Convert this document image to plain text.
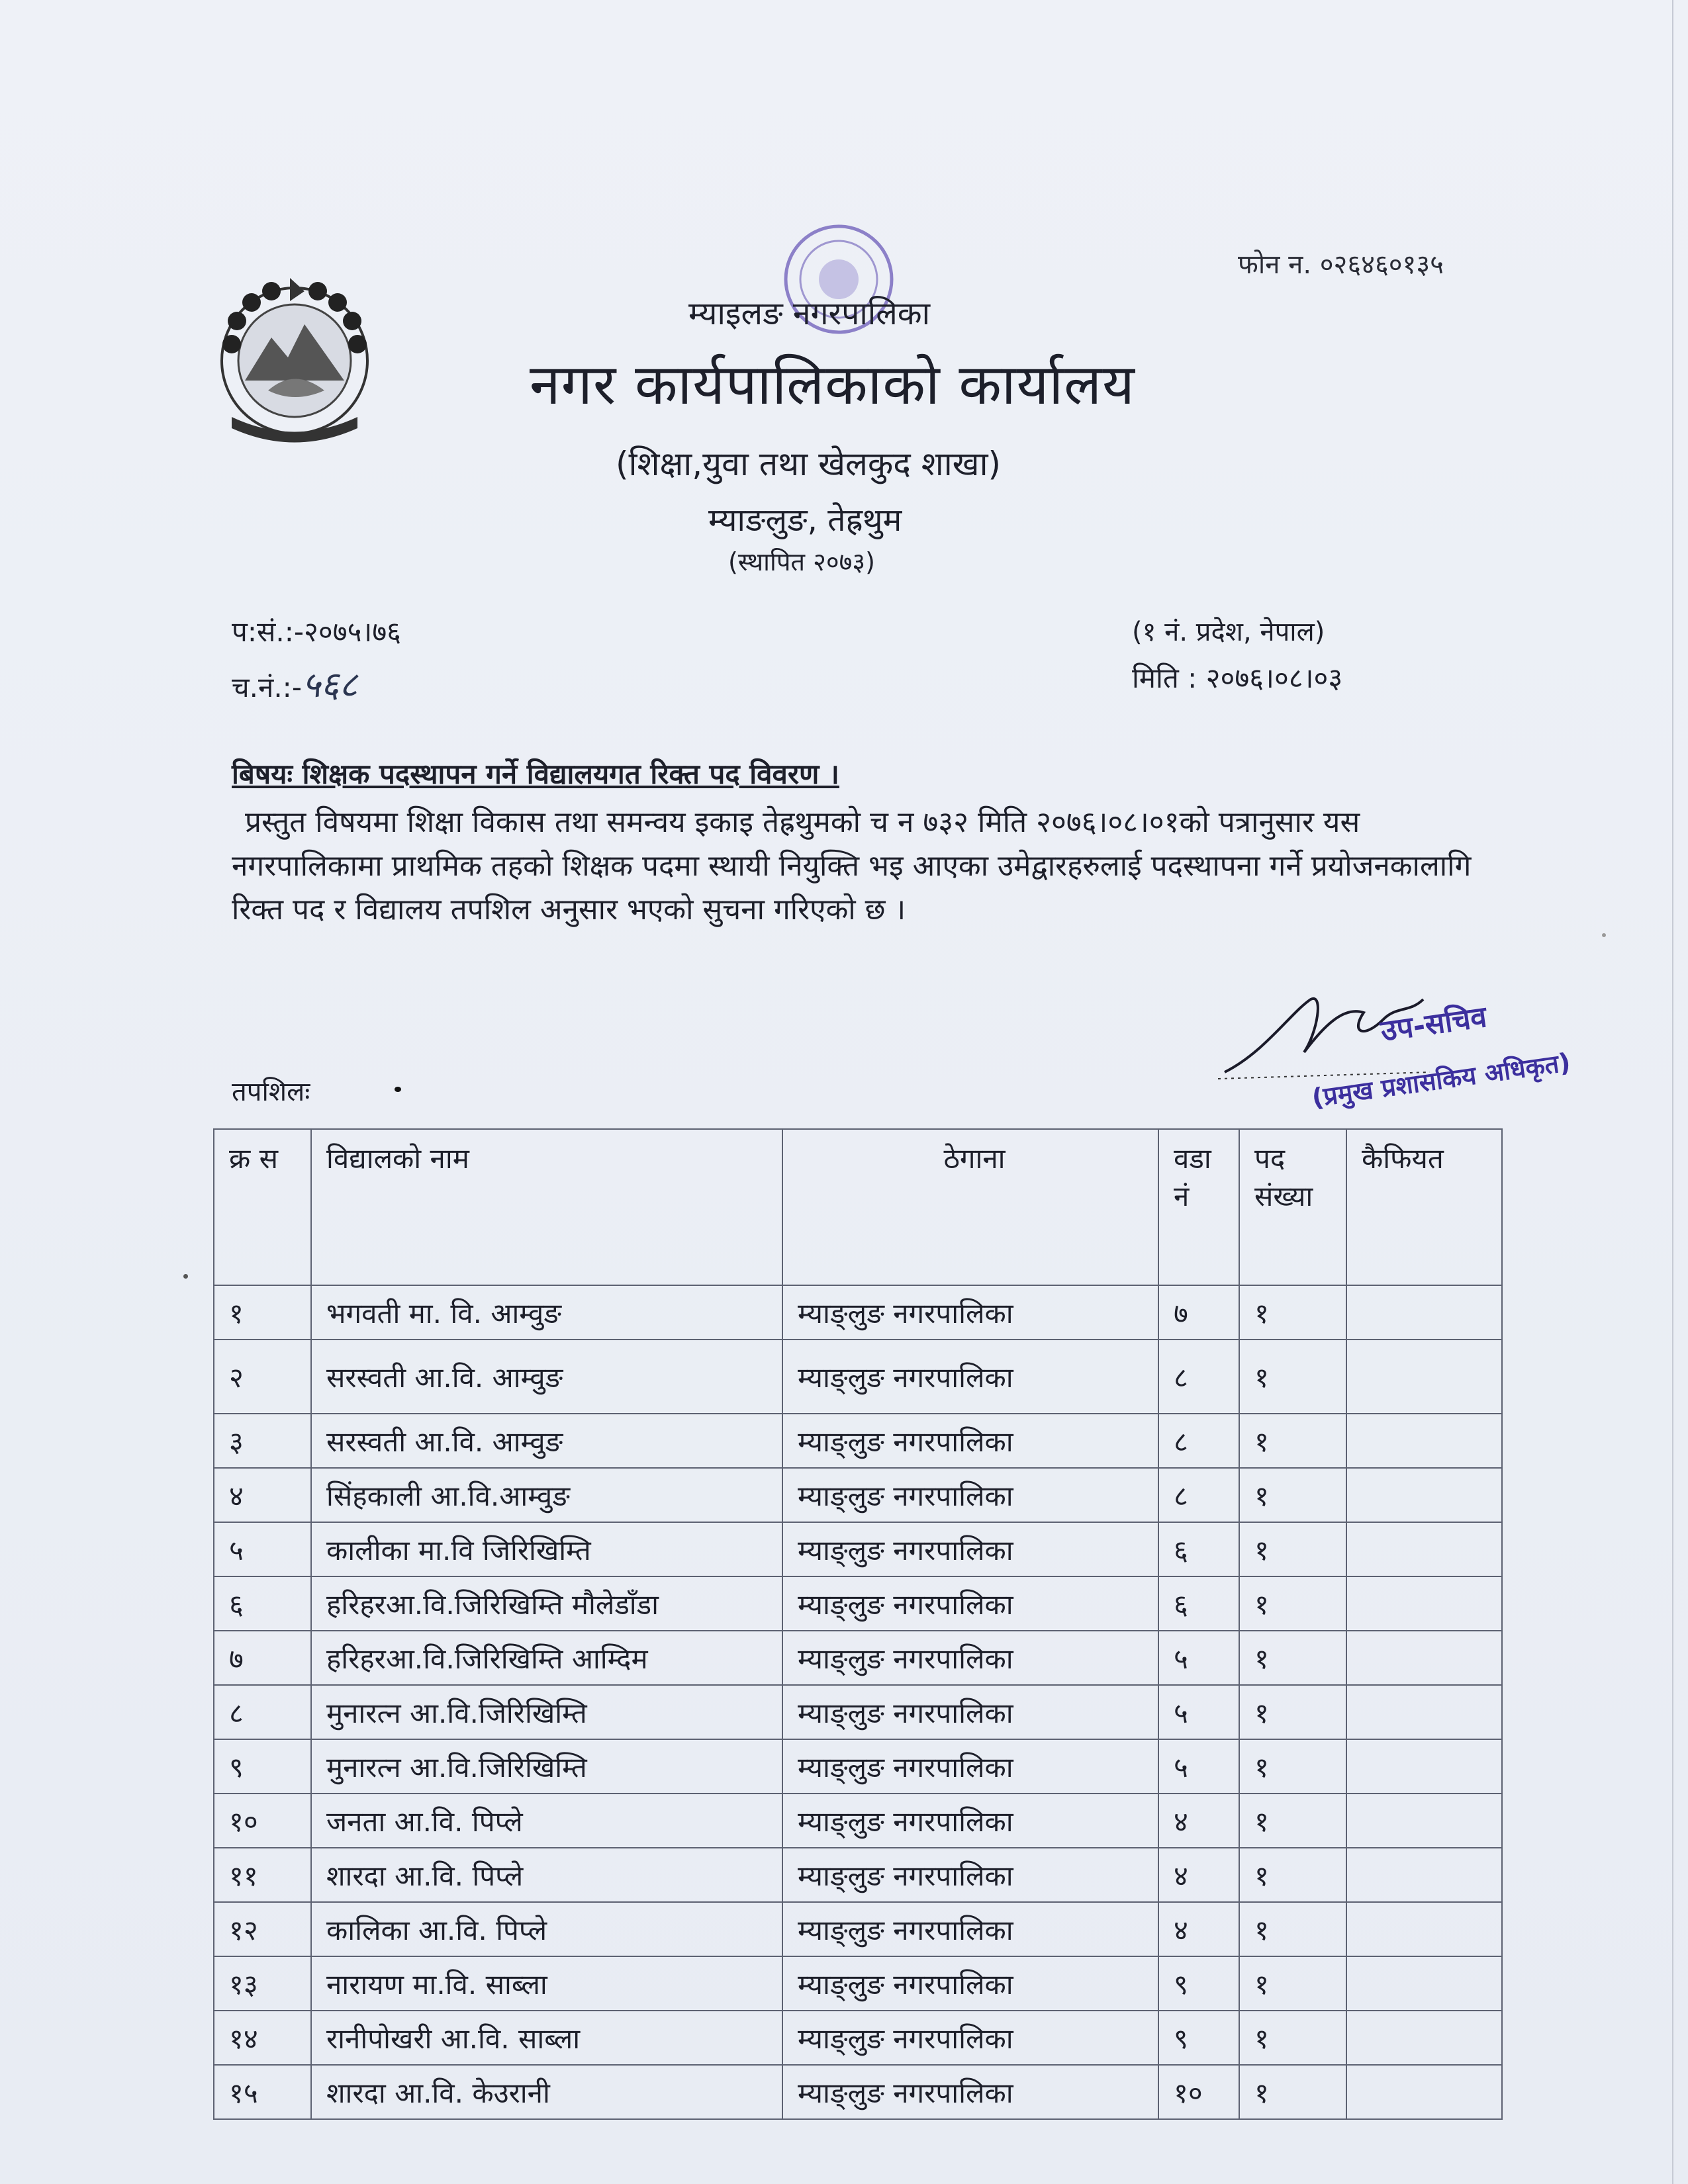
फोन न. ०२६४६०१३५
म्याइलङ नगरपालिका
नगर कार्यपालिकाको कार्यालय
(शिक्षा,युवा तथा खेलकुद शाखा)
म्याङलुङ, तेह्रथुम
(स्थापित २०७३)
प:सं.:-२०७५।७६
च.नं.:-५६८
(१ नं. प्रदेश, नेपाल)
मिति : २०७६।०८।०३
बिषयः शिक्षक पदस्थापन गर्ने विद्यालयगत रिक्त पद विवरण ।

प्रस्तुत विषयमा शिक्षा विकास तथा समन्वय इकाइ तेह्रथुमको च न ७३२ मिति २०७६।०८।०१को पत्रानुसार यस नगरपालिकामा प्राथमिक तहको शिक्षक पदमा स्थायी नियुक्ति भइ आएका उमेद्वारहरुलाई पदस्थापना गर्ने प्रयोजनकालागि रिक्त पद र विद्यालय तपशिल अनुसार भएको सुचना गरिएको छ ।

उप-सचिव
(प्रमुख प्रशासकिय अधिकृत)
तपशिलः
क्र स	विद्यालको नाम	ठेगाना	वडा नं	पद संख्या	कैफियत
१	भगवती मा. वि. आम्वुङ	म्याङ्लुङ नगरपालिका	७	१	
२	सरस्वती आ.वि. आम्वुङ	म्याङ्लुङ नगरपालिका	८	१	
३	सरस्वती आ.वि. आम्वुङ	म्याङ्लुङ नगरपालिका	८	१	
४	सिंहकाली आ.वि.आम्वुङ	म्याङ्लुङ नगरपालिका	८	१	
५	कालीका मा.वि जिरिखिम्ति	म्याङ्लुङ नगरपालिका	६	१	
६	हरिहरआ.वि.जिरिखिम्ति मौलेडाँडा	म्याङ्लुङ नगरपालिका	६	१	
७	हरिहरआ.वि.जिरिखिम्ति आम्दिम	म्याङ्लुङ नगरपालिका	५	१	
८	मुनारत्न आ.वि.जिरिखिम्ति	म्याङ्लुङ नगरपालिका	५	१	
९	मुनारत्न आ.वि.जिरिखिम्ति	म्याङ्लुङ नगरपालिका	५	१	
१०	जनता आ.वि. पिप्ले	म्याङ्लुङ नगरपालिका	४	१	
११	शारदा आ.वि. पिप्ले	म्याङ्लुङ नगरपालिका	४	१	
१२	कालिका आ.वि. पिप्ले	म्याङ्लुङ नगरपालिका	४	१	
१३	नारायण मा.वि. साब्ला	म्याङ्लुङ नगरपालिका	९	१	
१४	रानीपोखरी आ.वि. साब्ला	म्याङ्लुङ नगरपालिका	९	१	
१५	शारदा आ.वि. केउरानी	म्याङ्लुङ नगरपालिका	१०	१	
